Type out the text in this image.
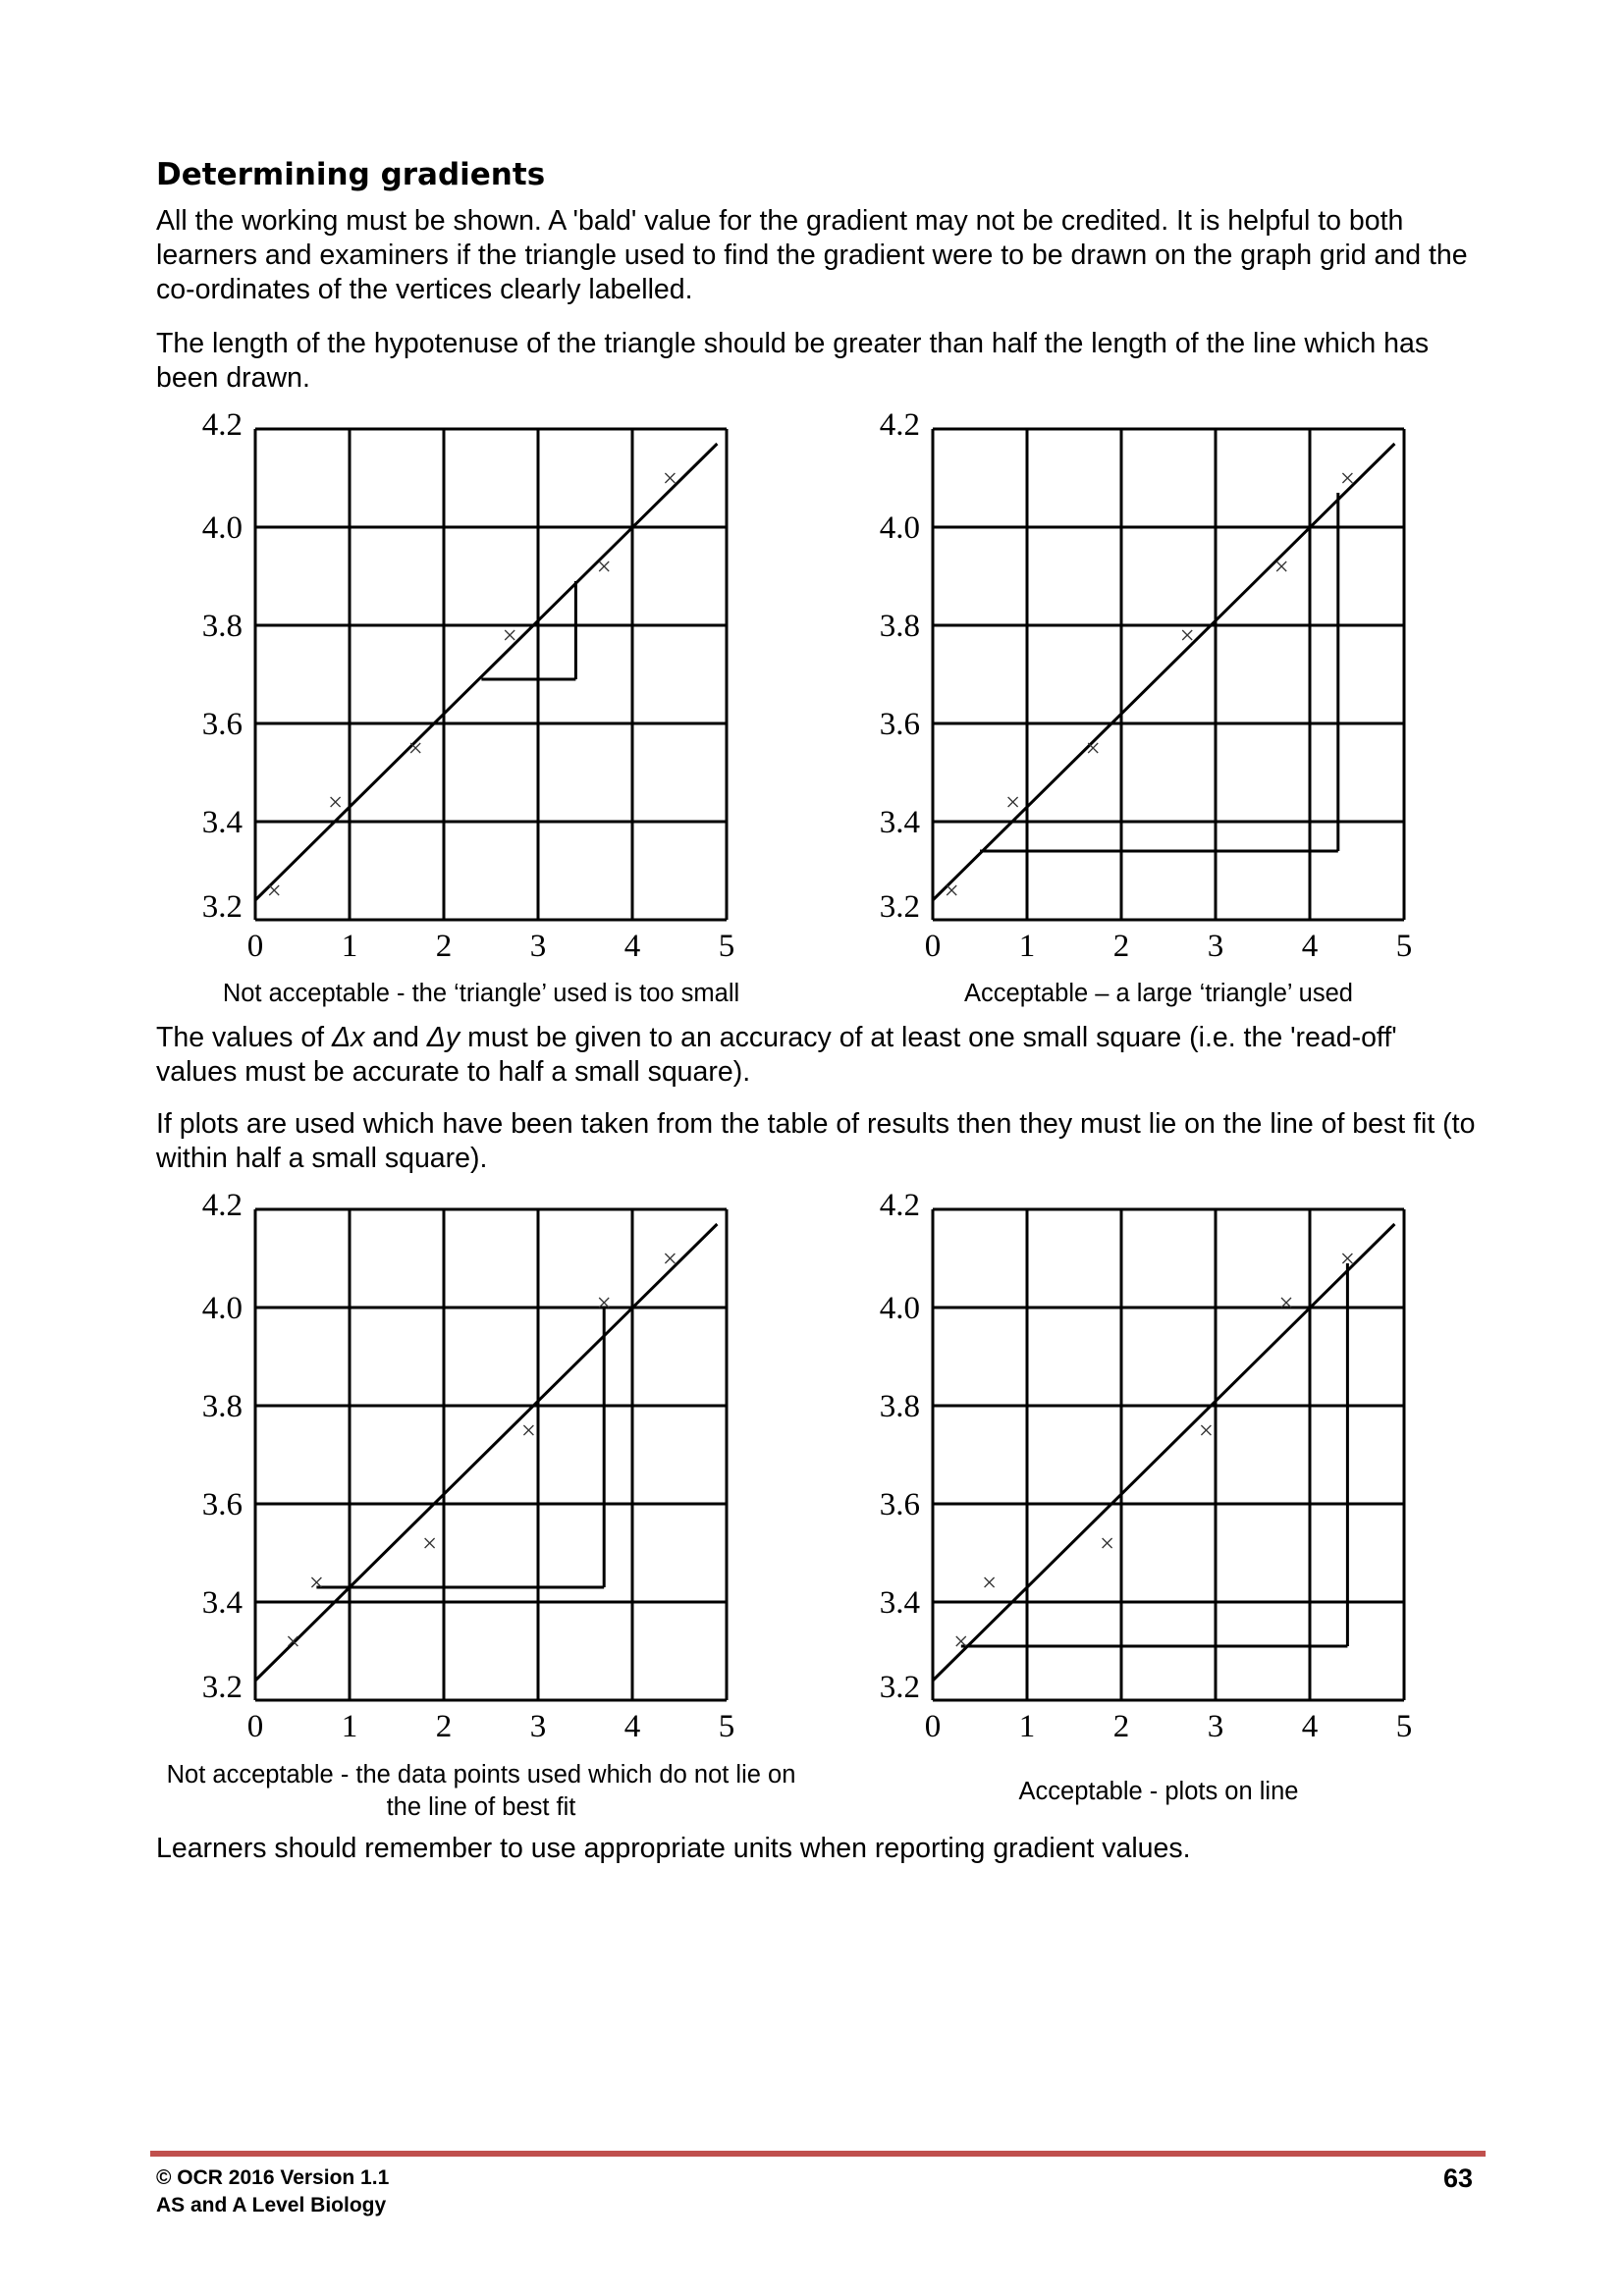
Determining gradients

All the working must be shown. A 'bald' value for the gradient may not be credited. It is helpful to both learners and examiners if the triangle used to find the gradient were to be drawn on the graph grid and the co-ordinates of the vertices clearly labelled.

The length of the hypotenuse of the triangle should be greater than half the length of the line which has been drawn.

0 1 2 3 4 5
3.2
3.4
3.6
3.8
4.0
4.2
0 1 2 3 4 5
3.2
3.4
3.6
3.8
4.0
4.2

Not acceptable - the ‘triangle’ used is too small	Acceptable – a large ‘triangle’ used

The values of Δx and Δy must be given to an accuracy of at least one small square (i.e. the 'read-off' values must be accurate to half a small square).

If plots are used which have been taken from the table of results then they must lie on the line of best fit (to within half a small square).

0 1 2 3 4 5
3.2
3.4
3.6
3.8
4.0
4.2
0 1 2 3 4 5
3.2
3.4
3.6
3.8
4.0
4.2

Not acceptable - the data points used which do not lie on the line of best fit

Acceptable - plots on line

Learners should remember to use appropriate units when reporting gradient values.

© OCR 2016 Version 1.1

AS and A Level Biology

63
